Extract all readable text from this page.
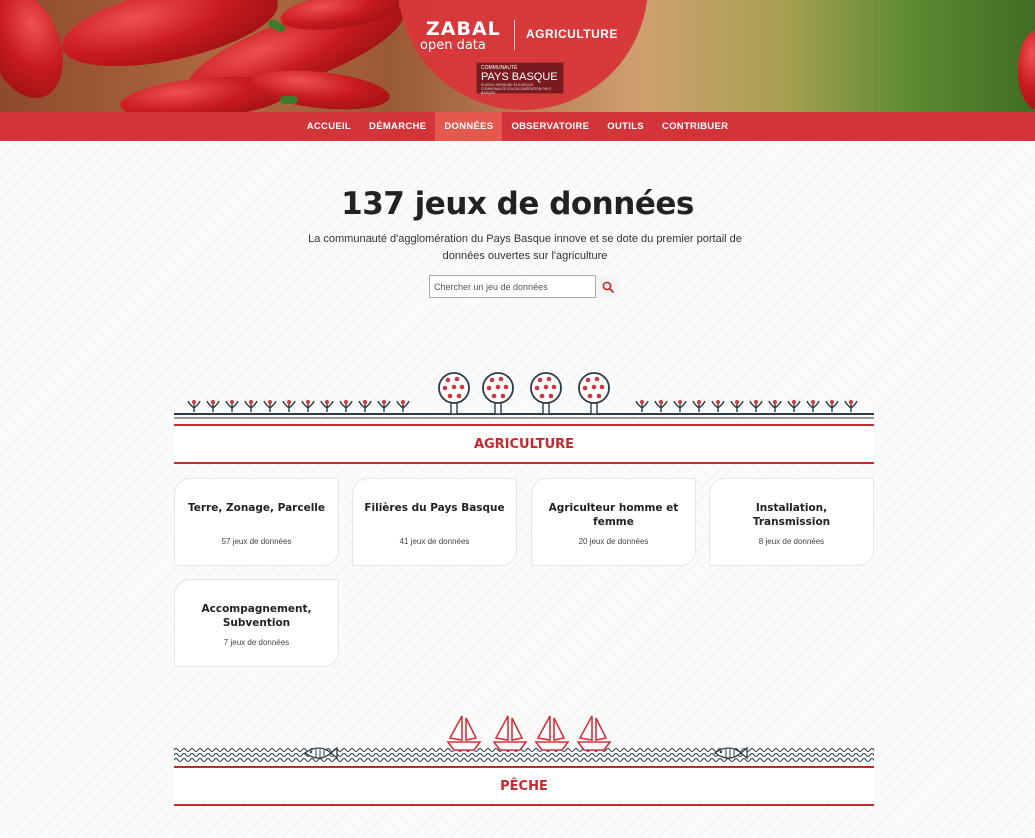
ZABAL
open data
AGRICULTURE
COMMUNAUTÉ
PAYS BASQUE
EUSKAL HIRIGUNE ELKARGOA
COMMUNAUTÉ D'AGGLOMÉRATION PAYS BASQUE
ACCUEIL	DÉMARCHE	DONNÉES	OBSERVATOIRE	OUTILS	CONTRIBUER
137 jeux de données

La communauté d'agglomération du Pays Basque innove et se dote du premier portail de données ouvertes sur l'agriculture

Chercher un jeu de données
AGRICULTURE
Terre, Zonage, Parcelle
57 jeux de données
Filières du Pays Basque
41 jeux de données
Agriculteur homme et femme
20 jeux de données
Installation, Transmission
8 jeux de données
Accompagnement, Subvention
7 jeux de données
PÊCHE
